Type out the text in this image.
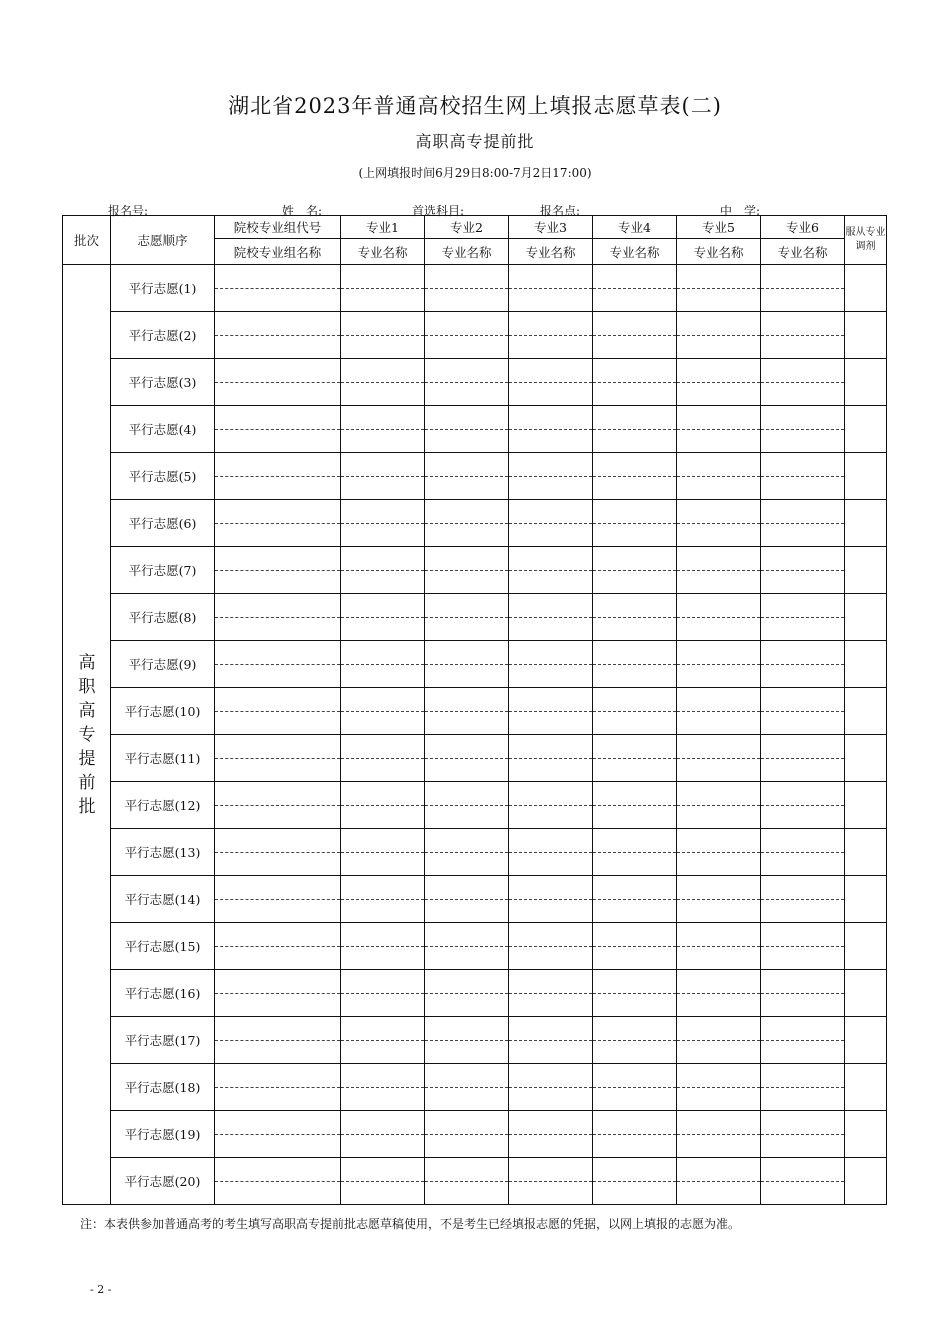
湖北省2023年普通高校招生网上填报志愿草表(二)
高职高专提前批
(上网填报时间6月29日8:00-7月2日17:00)
报名号:	姓　名:	首选科目:	报名点:	中　学:
批次	志愿顺序	院校专业组代号	专业1	专业2	专业3	专业4	专业5	专业6	服从专业调剂
		院校专业组名称	专业名称	专业名称	专业名称	专业名称	专业名称	专业名称	

高职高专提前批	平行志愿(1)	

	平行志愿(2)	

	平行志愿(3)	

	平行志愿(4)	

	平行志愿(5)	

	平行志愿(6)	

	平行志愿(7)	

	平行志愿(8)	

	平行志愿(9)	

	平行志愿(10)	

	平行志愿(11)	

	平行志愿(12)	

	平行志愿(13)	

	平行志愿(14)	

	平行志愿(15)	

	平行志愿(16)	

	平行志愿(17)	

	平行志愿(18)	

	平行志愿(19)	

	平行志愿(20)	

注：本表供参加普通高考的考生填写高职高专提前批志愿草稿使用，不是考生已经填报志愿的凭据，以网上填报的志愿为准。
- 2 -
